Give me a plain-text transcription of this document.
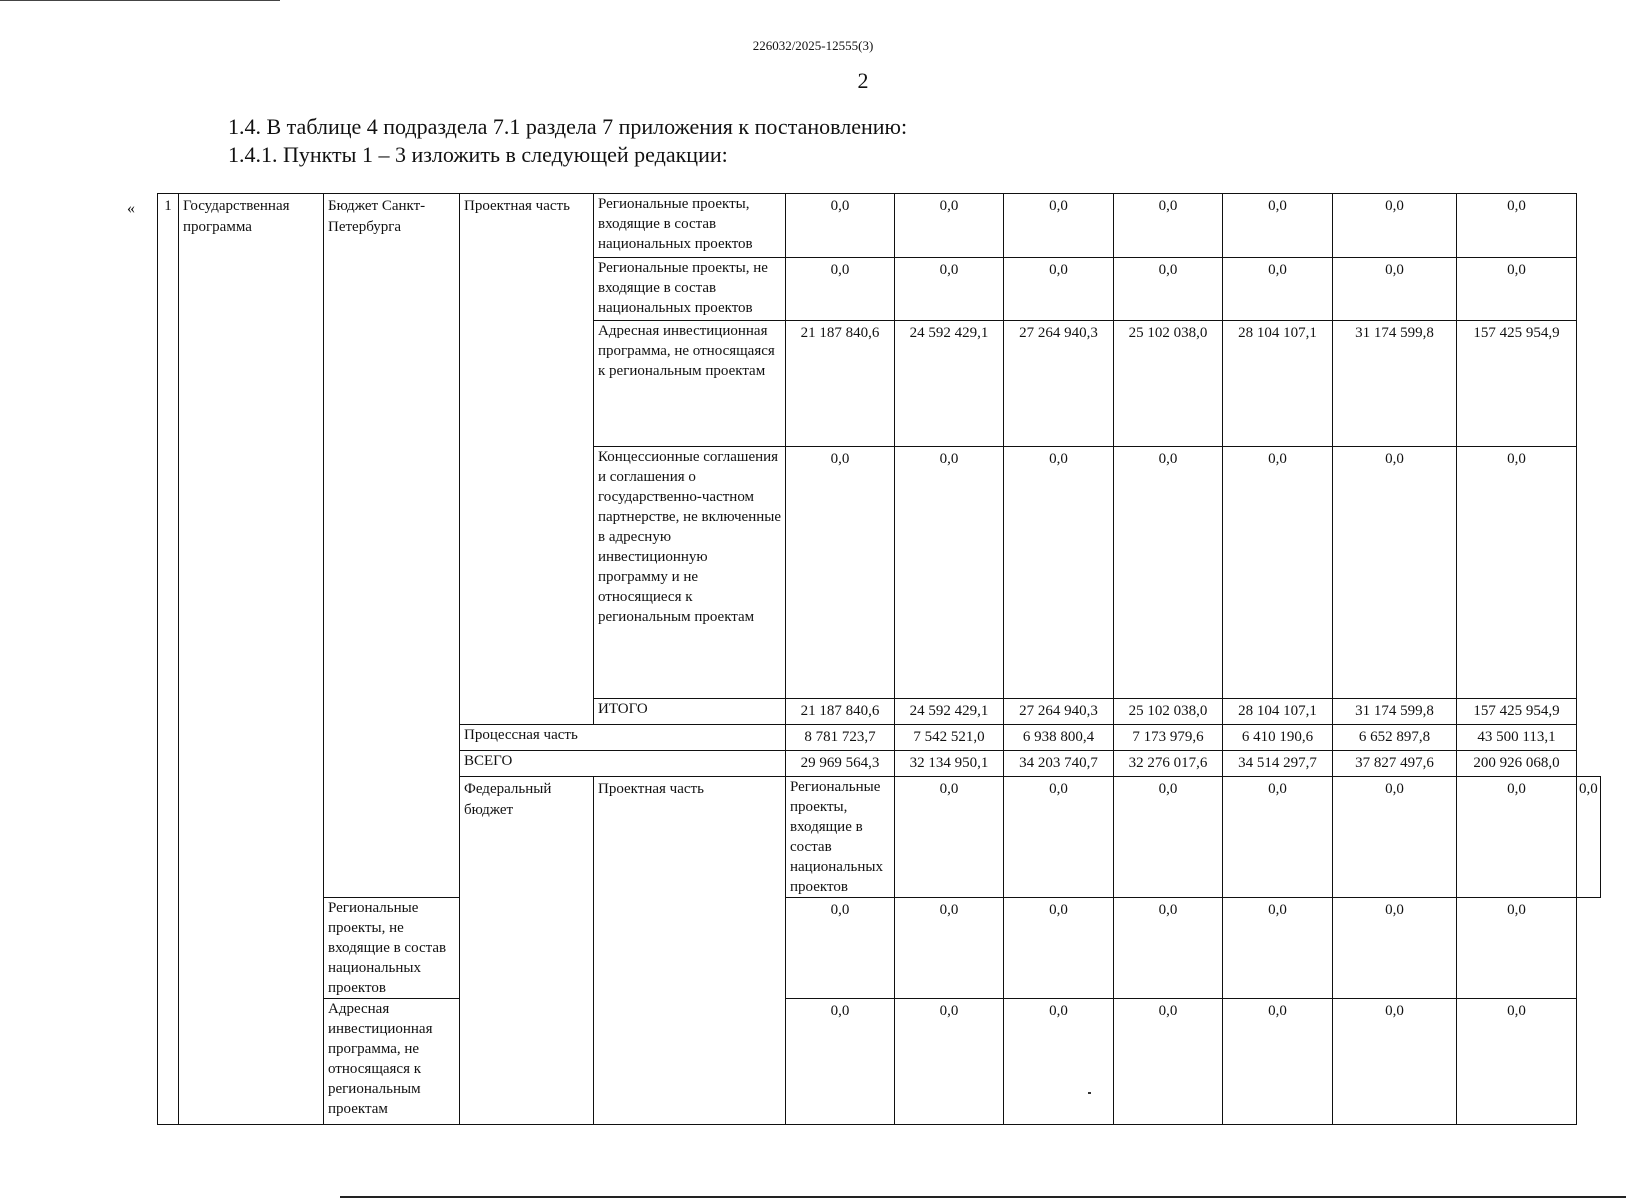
226032/2025-12555(3)
2
1.4. В таблице 4 подраздела 7.1 раздела 7 приложения к постановлению:
1.4.1. Пункты 1 – 3 изложить в следующей редакции:
« 1	Государственная программа	Бюджет Санкт-Петербурга	Проектная часть	Региональные проекты, входящие в состав национальных проектов	0,0	0,0	0,0	0,0	0,0	0,0	0,0	
				Региональные проекты, не входящие в состав национальных проектов	0,0	0,0	0,0	0,0	0,0	0,0	0,0	
				Адресная инвестиционная программа, не относящаяся к региональным проектам	21 187 840,6	24 592 429,1	27 264 940,3	25 102 038,0	28 104 107,1	31 174 599,8	157 425 954,9	
				Концессионные соглашения и соглашения о государственно-частном партнерстве, не включенные в адресную инвестиционную программу и не относящиеся к региональным проектам	0,0	0,0	0,0	0,0	0,0	0,0	0,0	
				ИТОГО	21 187 840,6	24 592 429,1	27 264 940,3	25 102 038,0	28 104 107,1	31 174 599,8	157 425 954,9	
			Процессная часть		8 781 723,7	7 542 521,0	6 938 800,4	7 173 979,6	6 410 190,6	6 652 897,8	43 500 113,1	
			ВСЕГО		29 969 564,3	32 134 950,1	34 203 740,7	32 276 017,6	34 514 297,7	37 827 497,6	200 926 068,0	
			Федеральный бюджет	Проектная часть	Региональные проекты, входящие в состав национальных проектов	0,0	0,0	0,0	0,0	0,0	0,0	0,0
		Региональные проекты, не входящие в состав национальных проектов			0,0	0,0	0,0	0,0	0,0	0,0	0,0	
		Адресная инвестиционная программа, не относящаяся к региональным проектам			0,0	0,0	0,0	0,0	0,0	0,0	0,0	
